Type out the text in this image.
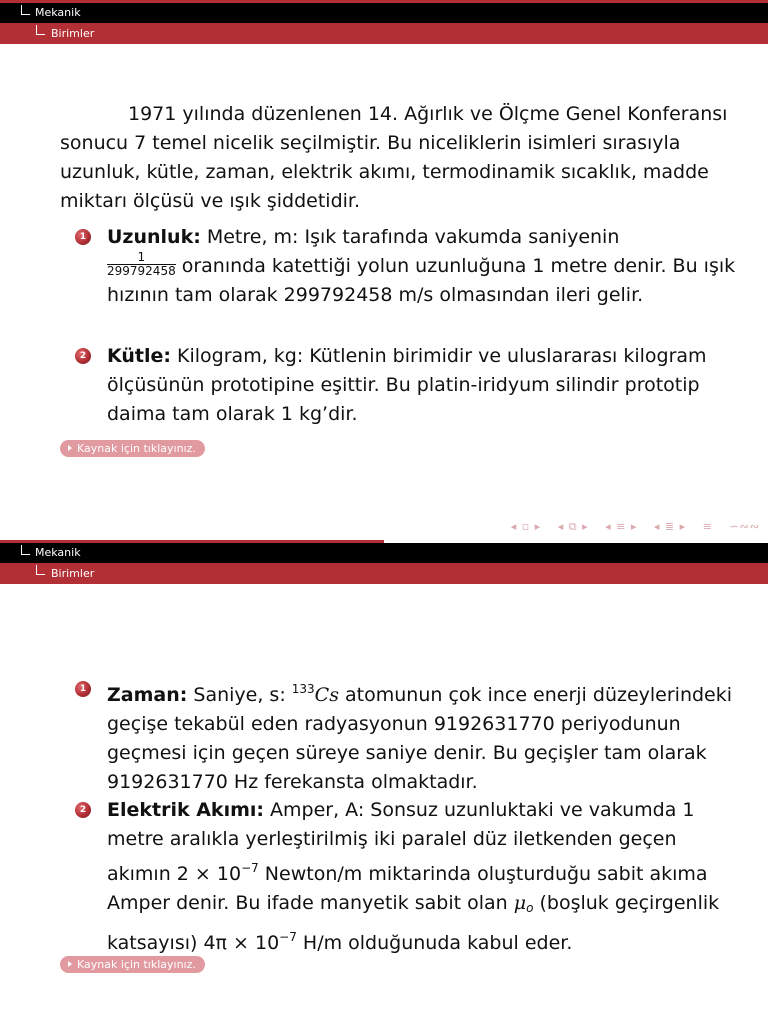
Mekanik
Birimler

1971 yılında düzenlenen 14. Ağırlık ve Ölçme Genel Konferansı sonucu 7 temel nicelik seçilmiştir. Bu niceliklerin isimleri sırasıyla uzunluk, kütle, zaman, elektrik akımı, termodinamik sıcaklık, madde miktarı ölçüsü ve ışık şiddetidir.

1 Uzunluk: Metre, m: Işık tarafında vakumda saniyenin

$\frac{1}{299792458}$ oranında katettiği yolun uzunluğuna 1 metre denir. Bu ışık hızının tam olarak 299792458 m/s olmasından ileri gelir.
2 Kütle: Kilogram, kg: Kütlenin birimidir ve uluslararası kilogram ölçüsünün prototipine eşittir. Bu platin-iridyum silindir prototip daima tam olarak 1 kg’dir.
Kaynak için tıklayınız.
◂ ▫ ▸ ◂ ⧉ ▸ ◂ ≡ ▸ ◂ ≣ ▸ ≡ ∽∾∾
Mekanik
Birimler
1 Zaman: Saniye, s: $^{133}$Cs atomunun çok ince enerji düzeylerindeki geçişe tekabül eden radyasyonun 9192631770 periyodunun geçmesi için geçen süreye saniye denir. Bu geçişler tam olarak 9192631770 Hz ferekansta olmaktadır.
2 Elektrik Akımı: Amper, A: Sonsuz uzunluktaki ve vakumda 1 metre aralıkla yerleştirilmiş iki paralel düz iletkenden geçen akımın $2 \times 10^{-7}$ Newton/m miktarinda oluşturduğu sabit akıma Amper denir. Bu ifade manyetik sabit olan $\mu_o$ (boşluk geçirgenlik katsayısı) $4\pi \times 10^{-7}$ H/m olduğunuda kabul eder.
Kaynak için tıklayınız.
